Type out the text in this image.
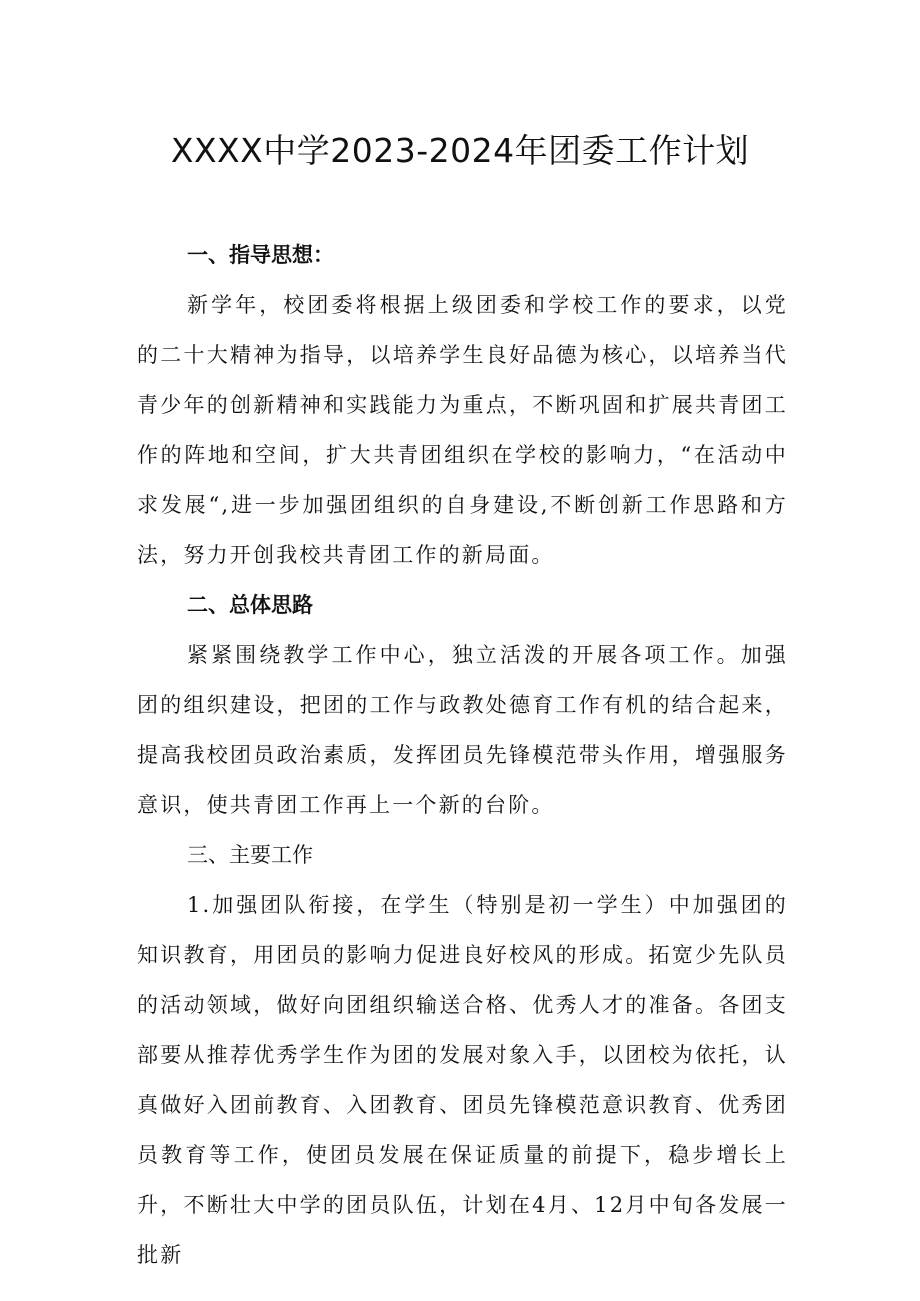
XXXX中学2023-2024年团委工作计划

一、指导思想：

新学年，校团委将根据上级团委和学校工作的要求，以党的二十大精神为指导，以培养学生良好品德为核心，以培养当代青少年的创新精神和实践能力为重点，不断巩固和扩展共青团工作的阵地和空间，扩大共青团组织在学校的影响力，“在活动中求发展“,进一步加强团组织的自身建设,不断创新工作思路和方法，努力开创我校共青团工作的新局面。

二、总体思路

紧紧围绕教学工作中心，独立活泼的开展各项工作。加强团的组织建设，把团的工作与政教处德育工作有机的结合起来，提高我校团员政治素质，发挥团员先锋模范带头作用，增强服务意识，使共青团工作再上一个新的台阶。

三、主要工作

1.加强团队衔接，在学生（特别是初一学生）中加强团的知识教育，用团员的影响力促进良好校风的形成。拓宽少先队员的活动领域，做好向团组织输送合格、优秀人才的准备。各团支部要从推荐优秀学生作为团的发展对象入手，以团校为依托，认真做好入团前教育、入团教育、团员先锋模范意识教育、优秀团员教育等工作，使团员发展在保证质量的前提下，稳步增长上升，不断壮大中学的团员队伍，计划在4月、12月中旬各发展一批新
